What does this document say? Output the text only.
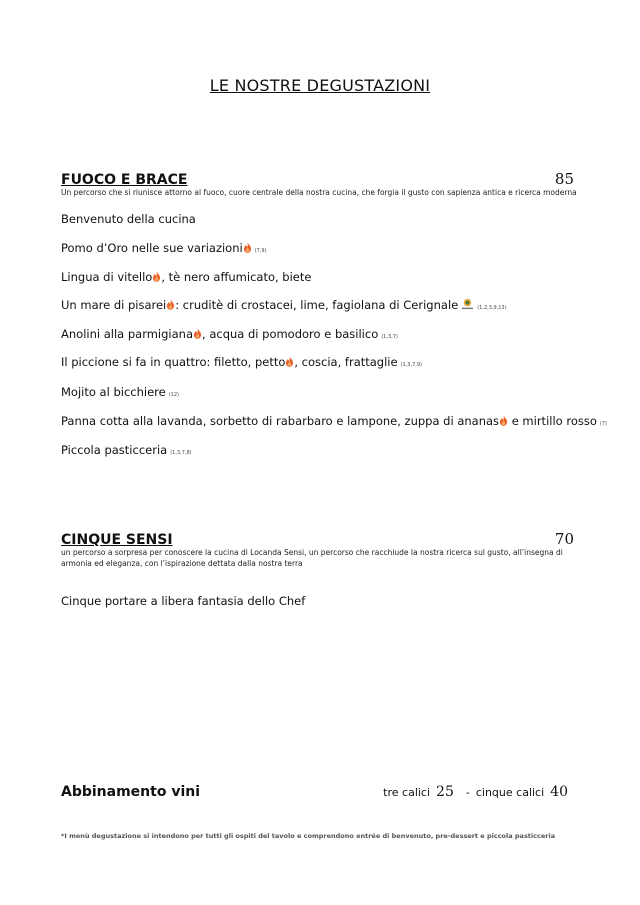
LE NOSTRE DEGUSTAZIONI
FUOCO E BRACE	85
Un percorso che si riunisce attorno al fuoco, cuore centrale della nostra cucina, che forgia il gusto con sapienza antica e ricerca moderna
Benvenuto della cucina
Pomo d’Oro nelle sue variazioni (7,9)
Lingua di vitello , tè nero affumicato, biete
Un mare di pisarei : cruditè di crostacei, lime, fagiolana di Cerignale	(1,2,3,9,13)
Anolini alla parmigiana , acqua di pomodoro e basilico (1,3,7)
Il piccione si fa in quattro: filetto, petto , coscia, frattaglie (1,3,7,9)
Mojito al bicchiere (12)
Panna cotta alla lavanda, sorbetto di rabarbaro e lampone, zuppa di ananas e mirtillo rosso (7)
Piccola pasticceria (1,3,7,8)
CINQUE SENSI	70
un percorso a sorpresa per conoscere la cucina di Locanda Sensi, un percorso che racchiude la nostra ricerca sul gusto, all’insegna di armonia ed eleganza, con l’ispirazione dettata dalla nostra terra
Cinque portare a libera fantasia dello Chef
Abbinamento vini	tre calici 25 - cinque calici 40
*I menù degustazione si intendono per tutti gli ospiti del tavolo e comprendono entrée di benvenuto, pre-dessert e piccola pasticceria
